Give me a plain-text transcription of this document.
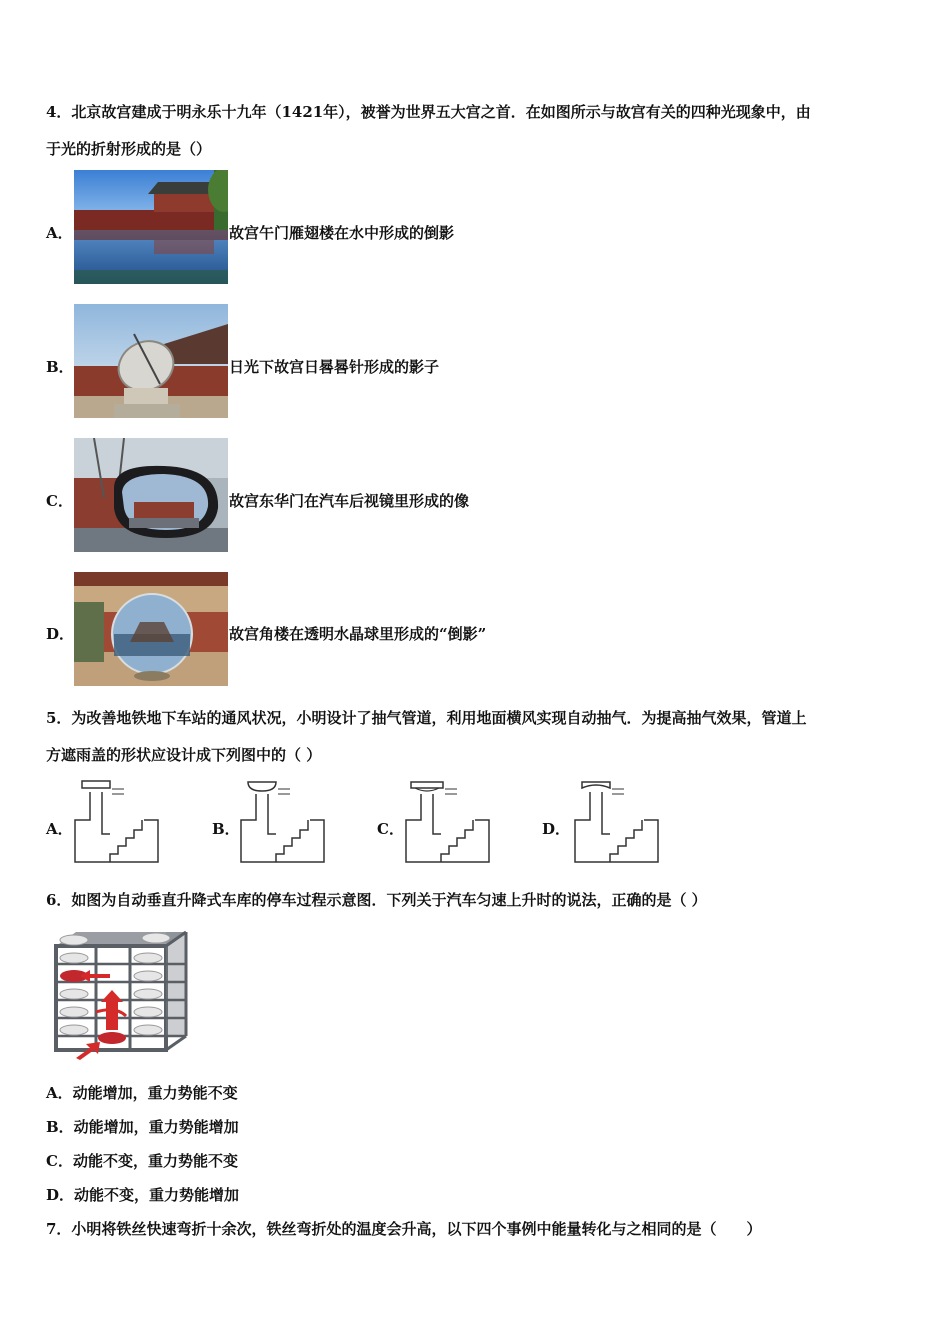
4．北京故宫建成于明永乐十九年（1421年），被誉为世界五大宫之首．在如图所示与故宫有关的四种光现象中，由
于光的折射形成的是（）
A．	故宫午门雁翅楼在水中形成的倒影
B．	日光下故宫日晷晷针形成的影子
C．	故宫东华门在汽车后视镜里形成的像
D．	故宫角楼在透明水晶球里形成的“倒影”
5．为改善地铁地下车站的通风状况，小明设计了抽气管道，利用地面横风实现自动抽气．为提高抽气效果，管道上
方遮雨盖的形状应设计成下列图中的（ ）
A．	B．	C．	D．
6．如图为自动垂直升降式车库的停车过程示意图．下列关于汽车匀速上升时的说法，正确的是（ ）
A．动能增加，重力势能不变
B．动能增加，重力势能增加
C．动能不变，重力势能不变
D．动能不变，重力势能增加
7．小明将铁丝快速弯折十余次，铁丝弯折处的温度会升高，以下四个事例中能量转化与之相同的是（　　）
